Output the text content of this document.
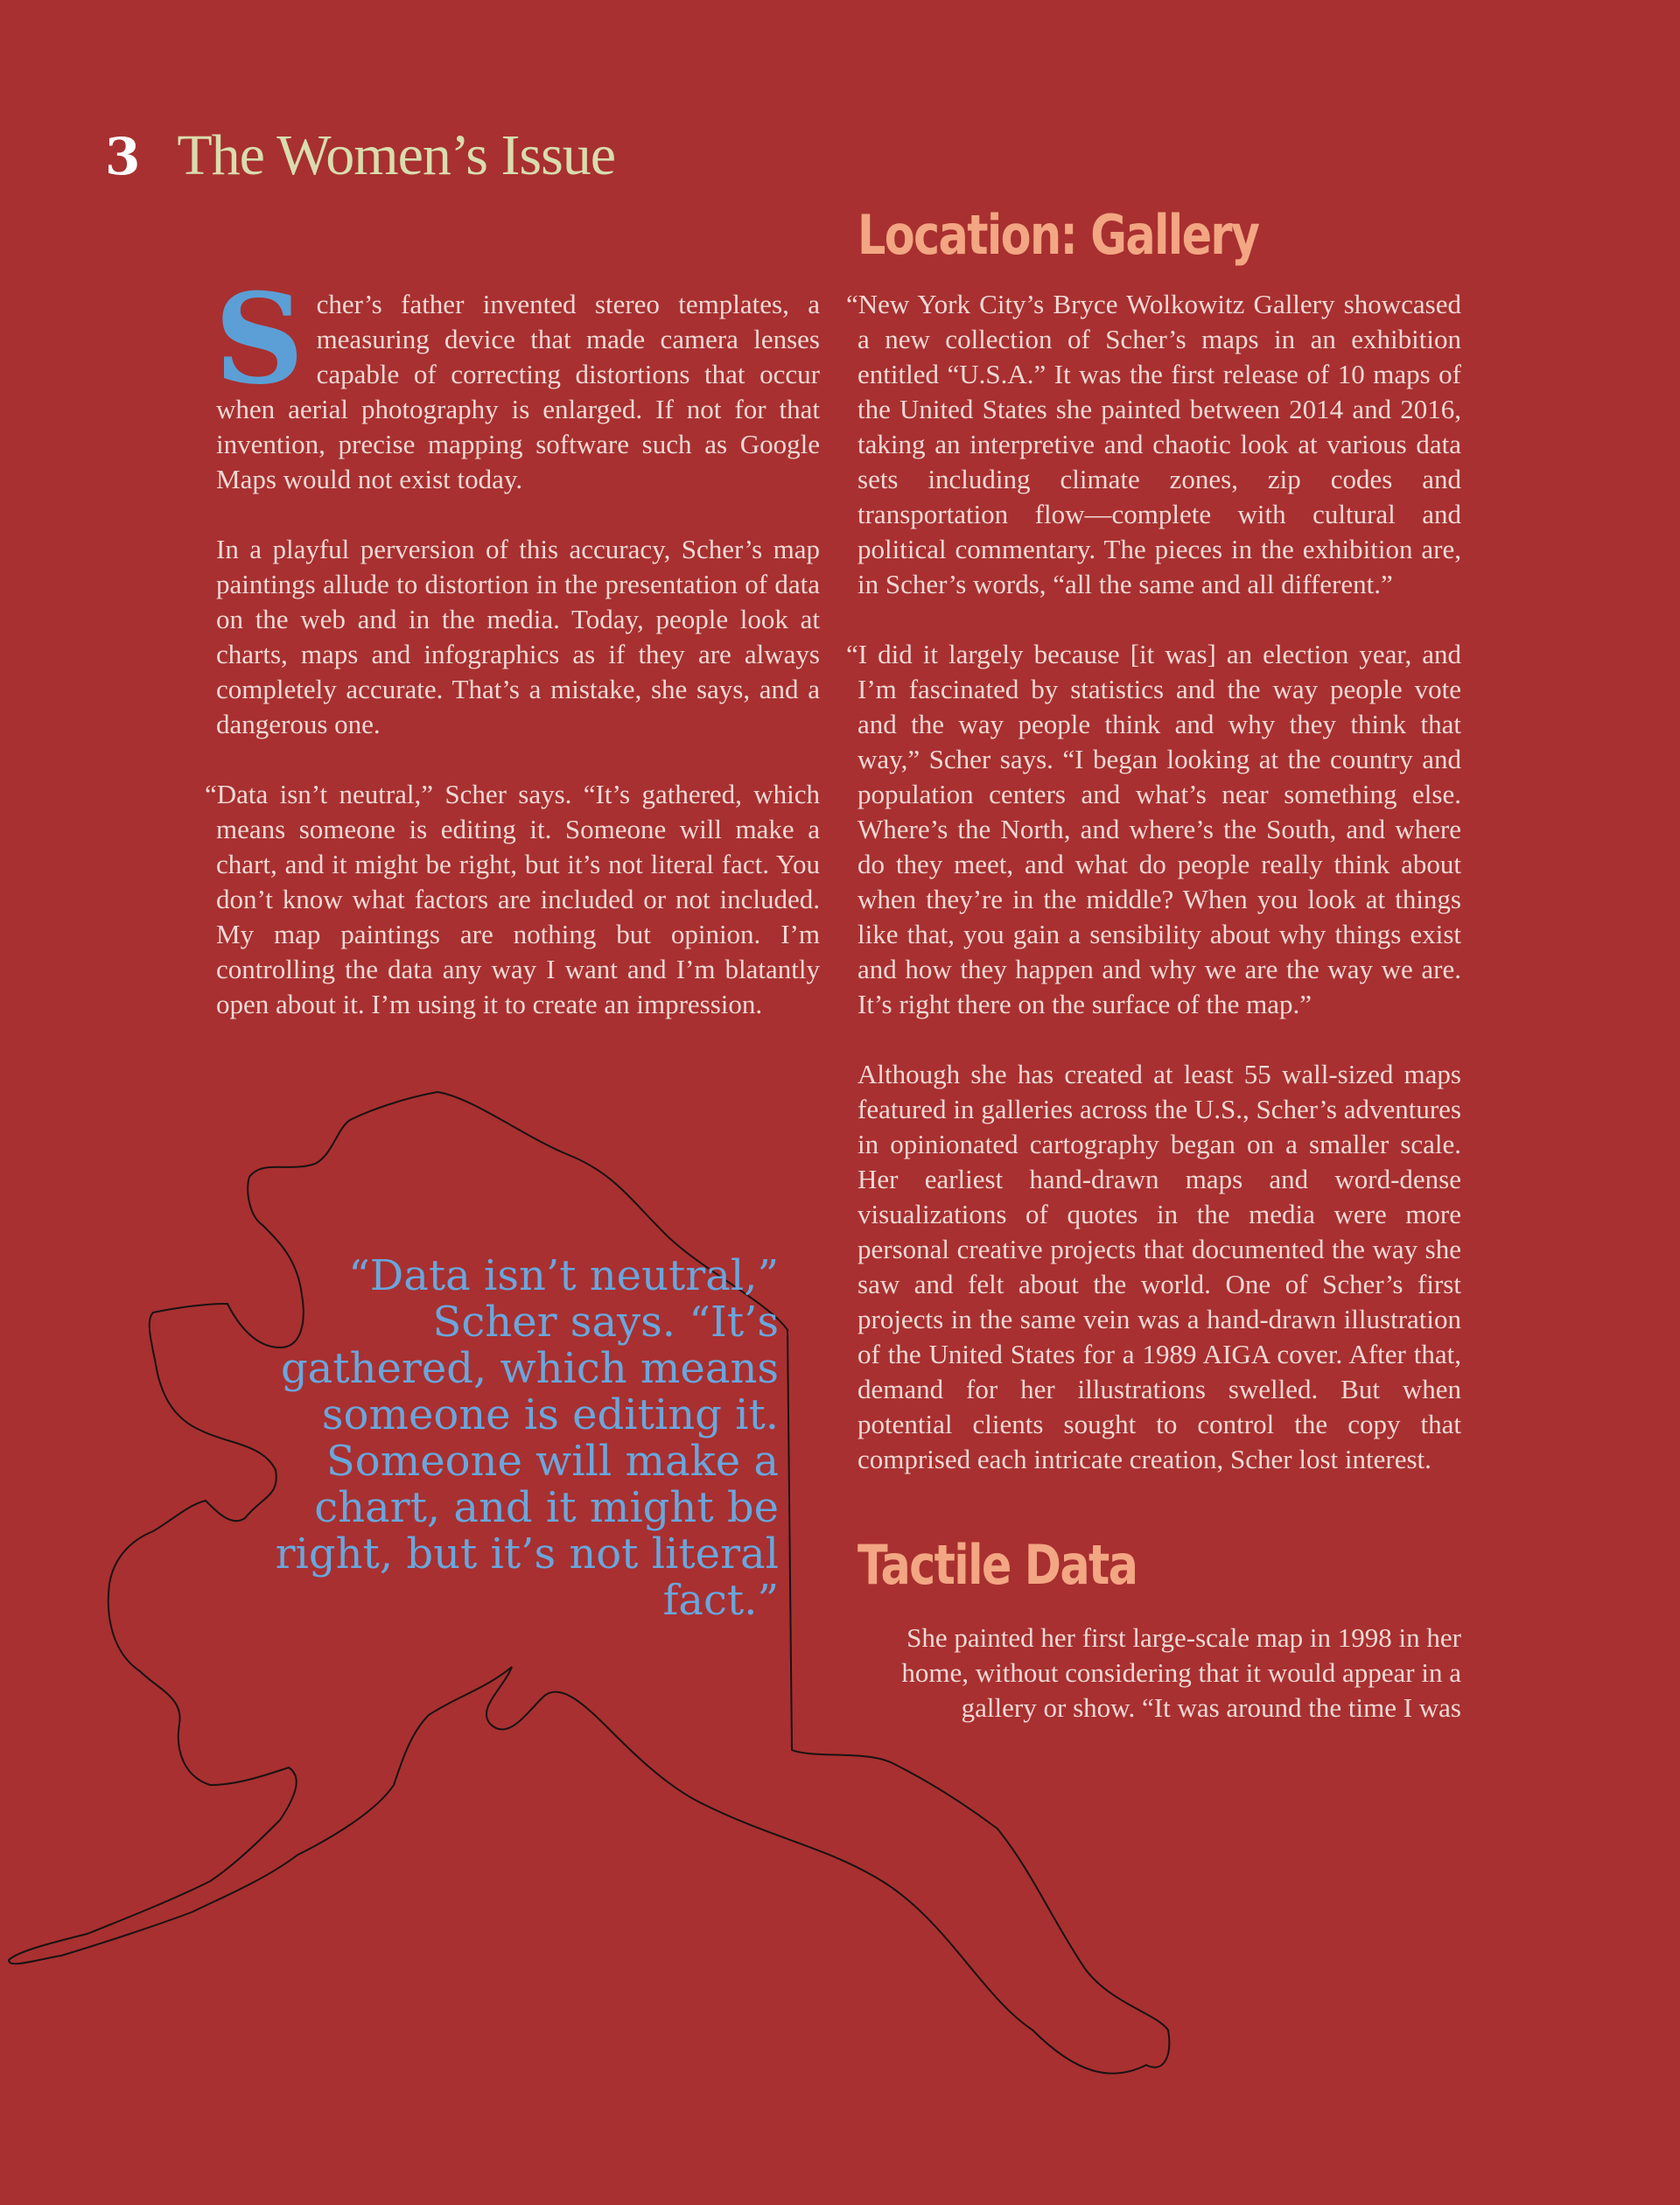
3 The Women’s Issue

Scher’s father invented stereo templates, a measuring device that made camera lenses capable of correcting distortions that occur when aerial photography is enlarged. If not for that invention, precise mapping software such as Google Maps would not exist today.

In a playful perversion of this accuracy, Scher’s map paintings allude to distortion in the presentation of data on the web and in the media. Today, people look at charts, maps and infographics as if they are always completely accurate. That’s a mistake, she says, and a dangerous one.

“Data isn’t neutral,” Scher says. “It’s gathered, which means someone is editing it. Someone will make a chart, and it might be right, but it’s not literal fact. You don’t know what factors are included or not included. My map paintings are nothing but opinion. I’m controlling the data any way I want and I’m blatantly open about it. I’m using it to create an impression.

“Data isn’t neutral,” Scher says. “It’s gathered, which means someone is editing it. Someone will make a chart, and it might be right, but it’s not literal fact.”
Location: Gallery

“New York City’s Bryce Wolkowitz Gallery showcased a new collection of Scher’s maps in an exhibition entitled “U.S.A.” It was the first release of 10 maps of the United States she painted between 2014 and 2016, taking an interpretive and chaotic look at various data sets including climate zones, zip codes and transportation flow—complete with cultural and political commentary. The pieces in the exhibition are, in Scher’s words, “all the same and all different.”

“I did it largely because [it was] an election year, and I’m fascinated by statistics and the way people vote and the way people think and why they think that way,” Scher says. “I began looking at the country and population centers and what’s near something else. Where’s the North, and where’s the South, and where do they meet, and what do people really think about when they’re in the middle? When you look at things like that, you gain a sensibility about why things exist and how they happen and why we are the way we are. It’s right there on the surface of the map.”

Although she has created at least 55 wall-sized maps featured in galleries across the U.S., Scher’s adventures in opinionated cartography began on a smaller scale. Her earliest hand-drawn maps and word-dense visualizations of quotes in the media were more personal creative projects that documented the way she saw and felt about the world. One of Scher’s first projects in the same vein was a hand-drawn illustration of the United States for a 1989 AIGA cover. After that, demand for her illustrations swelled. But when potential clients sought to control the copy that comprised each intricate creation, Scher lost interest.

Tactile Data

She painted her first large-scale map in 1998 in her home, without considering that it would appear in a gallery or show. “It was around the time I was
